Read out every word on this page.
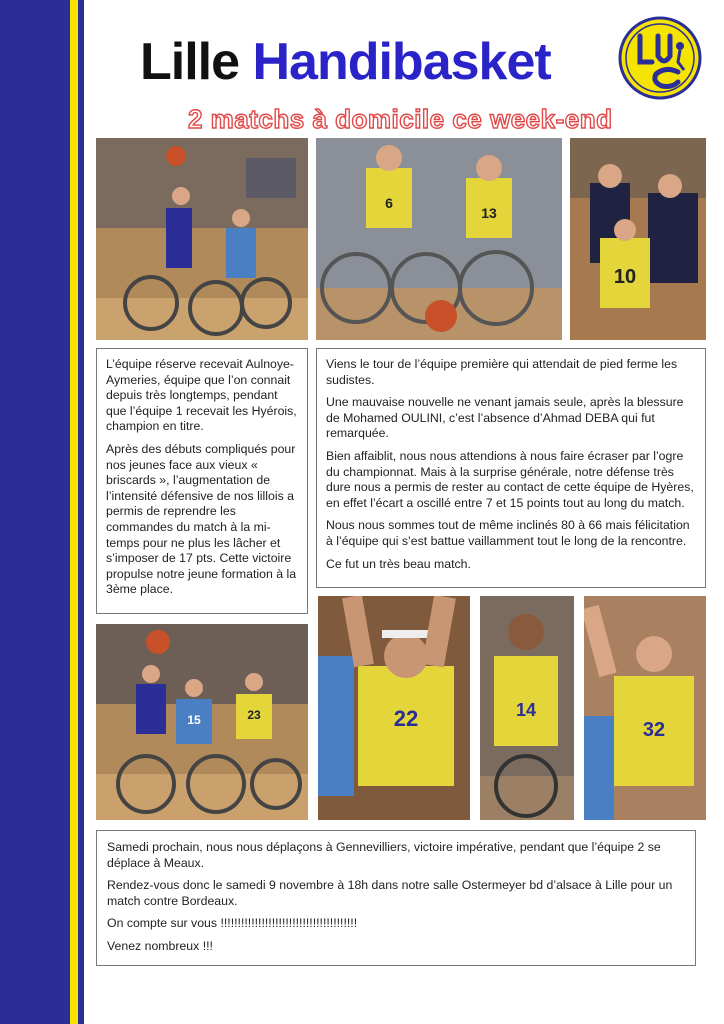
Lille Handibasket
2 matchs à domicile ce week-end
6
13
10
15	23	22	14
32

L’équipe réserve recevait Aulnoye-Aymeries, équipe que l’on connait depuis très longtemps, pendant que l’équipe 1 recevait les Hyérois, champion en titre.

Après des débuts compliqués pour nos jeunes face aux vieux « briscards », l’augmentation de l’intensité défensive de nos lillois a permis de reprendre les commandes du match à la mi-temps pour ne plus les lâcher et s’imposer de 17 pts. Cette victoire propulse notre jeune formation à la 3ème place.

Viens le tour de l’équipe première qui attendait de pied ferme les sudistes.

Une mauvaise nouvelle ne venant jamais seule, après la blessure de Mohamed OULINI, c’est l’absence d’Ahmad DEBA qui fut remarquée.

Bien affaiblit, nous nous attendions à nous faire écraser par l’ogre du championnat. Mais à la surprise générale, notre défense très dure nous a permis de rester au contact de cette équipe de Hyères, en effet l’écart a oscillé entre 7 et 15 points tout au long du match.

Nous nous sommes tout de même inclinés 80 à 66 mais félicitation à l’équipe qui s’est battue vaillamment tout le long de la rencontre.

Ce fut un très beau match.

Samedi prochain, nous nous déplaçons à Gennevilliers, victoire impérative, pendant que l’équipe 2 se déplace à Meaux.

Rendez-vous donc le samedi 9 novembre à 18h dans notre salle Ostermeyer bd d’alsace à Lille pour un match contre Bordeaux.

On compte sur vous !!!!!!!!!!!!!!!!!!!!!!!!!!!!!!!!!!!!!!!!

Venez nombreux !!!
